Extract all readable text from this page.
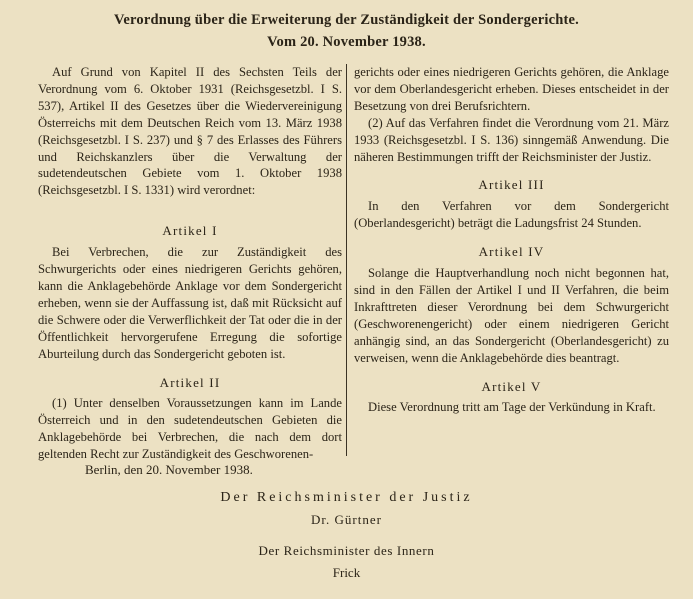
Verordnung über die Erweiterung der Zuständigkeit der Sondergerichte.
Vom 20. November 1938.

Auf Grund von Kapitel II des Sechsten Teils der Verordnung vom 6. Oktober 1931 (Reichsgesetzbl. I S. 537), Artikel II des Gesetzes über die Wiedervereinigung Österreichs mit dem Deutschen Reich vom 13. März 1938 (Reichsgesetzbl. I S. 237) und § 7 des Erlasses des Führers und Reichskanzlers über die Verwaltung der sudetendeutschen Gebiete vom 1. Oktober 1938 (Reichsgesetzbl. I S. 1331) wird verordnet:

Artikel I

Bei Verbrechen, die zur Zuständigkeit des Schwurgerichts oder eines niedrigeren Gerichts gehören, kann die Anklagebehörde Anklage vor dem Sondergericht erheben, wenn sie der Auffassung ist, daß mit Rücksicht auf die Schwere oder die Verwerflichkeit der Tat oder die in der Öffentlichkeit hervorgerufene Erregung die sofortige Aburteilung durch das Sondergericht geboten ist.

Artikel II

(1) Unter denselben Voraussetzungen kann im Lande Österreich und in den sudetendeutschen Gebieten die Anklagebehörde bei Verbrechen, die nach dem dort geltenden Recht zur Zuständigkeit des Geschworenen-

gerichts oder eines niedrigeren Gerichts gehören, die Anklage vor dem Oberlandesgericht erheben. Dieses entscheidet in der Besetzung von drei Berufsrichtern.

(2) Auf das Verfahren findet die Verordnung vom 21. März 1933 (Reichsgesetzbl. I S. 136) sinngemäß Anwendung. Die näheren Bestimmungen trifft der Reichsminister der Justiz.

Artikel III

In den Verfahren vor dem Sondergericht (Oberlandesgericht) beträgt die Ladungsfrist 24 Stunden.

Artikel IV

Solange die Hauptverhandlung noch nicht begonnen hat, sind in den Fällen der Artikel I und II Verfahren, die beim Inkrafttreten dieser Verordnung bei dem Schwurgericht (Geschworenengericht) oder einem niedrigeren Gericht anhängig sind, an das Sondergericht (Oberlandesgericht) zu verweisen, wenn die Anklagebehörde dies beantragt.

Artikel V

Diese Verordnung tritt am Tage der Verkündung in Kraft.

Berlin, den 20. November 1938.
Der Reichsminister der Justiz
Dr. Gürtner
Der Reichsminister des Innern
Frick
